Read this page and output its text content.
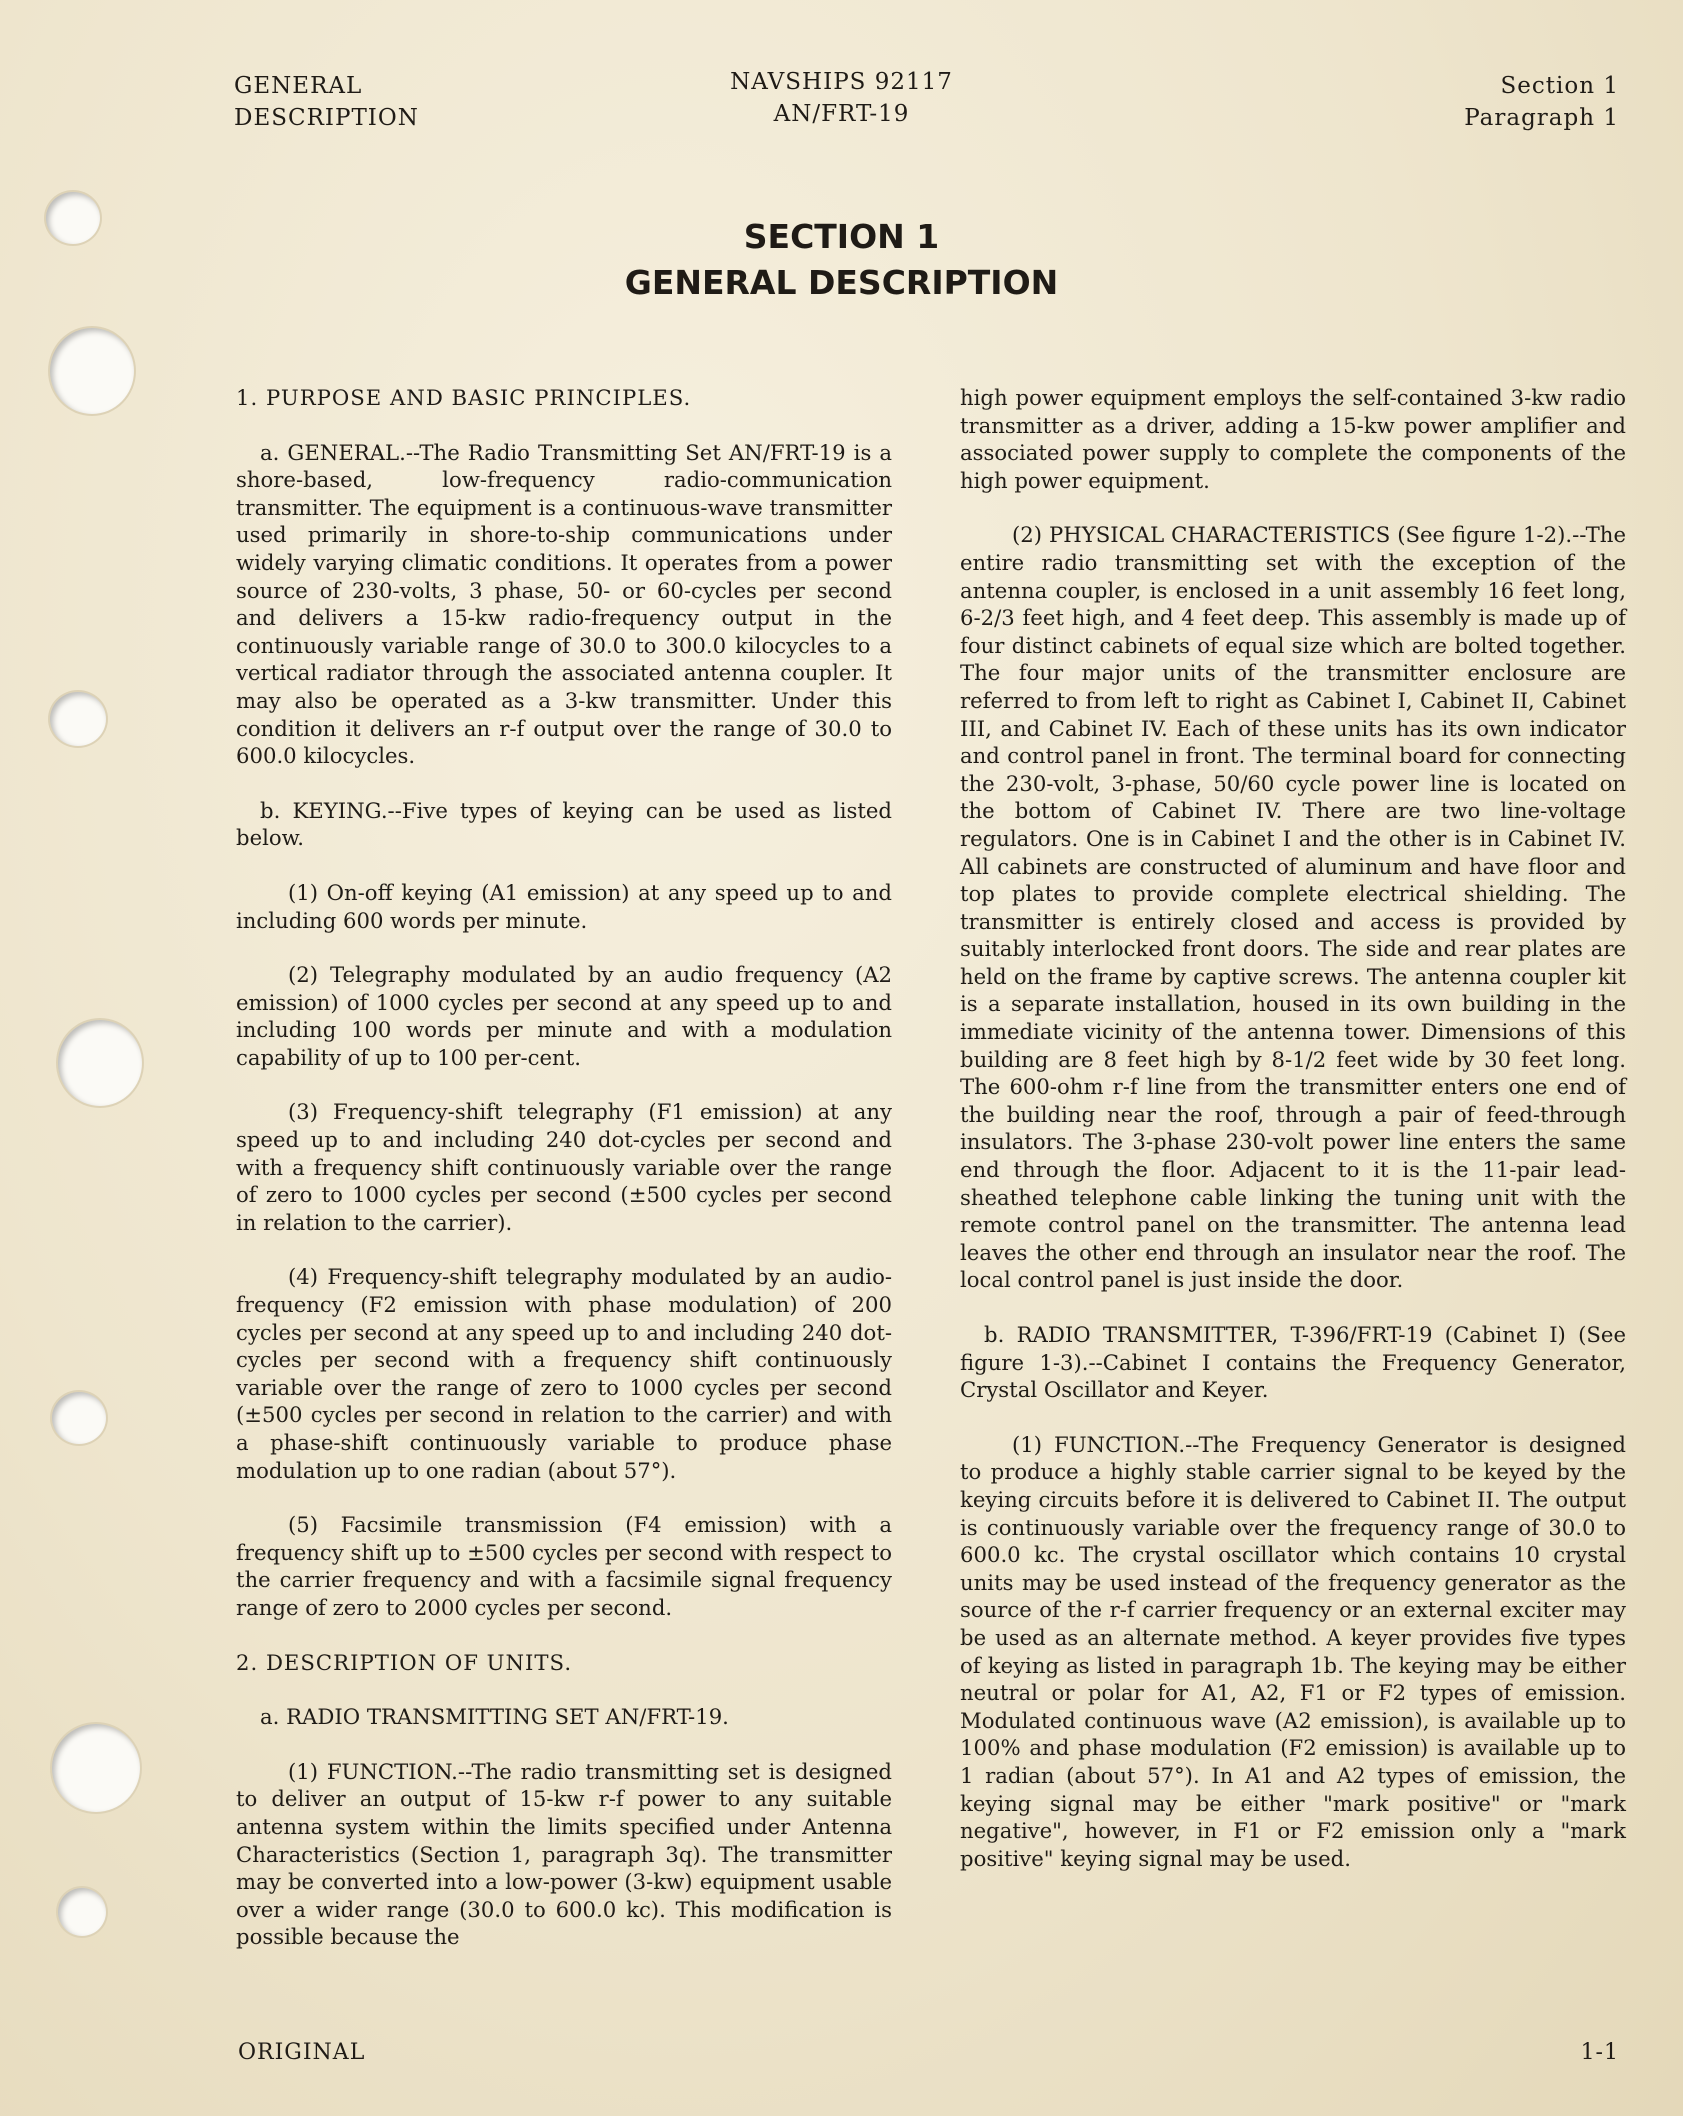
GENERAL
DESCRIPTION
NAVSHIPS 92117
AN/FRT-19
Section 1
Paragraph 1
SECTION 1
GENERAL DESCRIPTION

1. PURPOSE AND BASIC PRINCIPLES.

a. GENERAL.--The Radio Transmitting Set AN/FRT-19 is a shore-based, low-frequency radio-communication transmitter. The equipment is a continuous-wave transmitter used primarily in shore-to-ship communications under widely varying climatic conditions. It operates from a power source of 230-volts, 3 phase, 50- or 60-cycles per second and delivers a 15-kw radio-frequency output in the continuously variable range of 30.0 to 300.0 kilocycles to a vertical radiator through the associated antenna coupler. It may also be operated as a 3-kw transmitter. Under this condition it delivers an r-f output over the range of 30.0 to 600.0 kilocycles.

b. KEYING.--Five types of keying can be used as listed below.

(1) On-off keying (A1 emission) at any speed up to and including 600 words per minute.

(2) Telegraphy modulated by an audio frequency (A2 emission) of 1000 cycles per second at any speed up to and including 100 words per minute and with a modulation capability of up to 100 per-cent.

(3) Frequency-shift telegraphy (F1 emission) at any speed up to and including 240 dot-cycles per second and with a frequency shift continuously variable over the range of zero to 1000 cycles per second (±500 cycles per second in relation to the carrier).

(4) Frequency-shift telegraphy modulated by an audio-frequency (F2 emission with phase modulation) of 200 cycles per second at any speed up to and including 240 dot-cycles per second with a frequency shift continuously variable over the range of zero to 1000 cycles per second (±500 cycles per second in relation to the carrier) and with a phase-shift continuously variable to produce phase modulation up to one radian (about 57°).

(5) Facsimile transmission (F4 emission) with a frequency shift up to ±500 cycles per second with respect to the carrier frequency and with a facsimile signal frequency range of zero to 2000 cycles per second.

2. DESCRIPTION OF UNITS.

a. RADIO TRANSMITTING SET AN/FRT-19.

(1) FUNCTION.--The radio transmitting set is designed to deliver an output of 15-kw r-f power to any suitable antenna system within the limits specified under Antenna Characteristics (Section 1, paragraph 3q). The transmitter may be converted into a low-power (3-kw) equipment usable over a wider range (30.0 to 600.0 kc). This modification is possible because the

high power equipment employs the self-contained 3-kw radio transmitter as a driver, adding a 15-kw power amplifier and associated power supply to complete the components of the high power equipment.

(2) PHYSICAL CHARACTERISTICS (See figure 1-2).--The entire radio transmitting set with the exception of the antenna coupler, is enclosed in a unit assembly 16 feet long, 6-2/3 feet high, and 4 feet deep. This assembly is made up of four distinct cabinets of equal size which are bolted together. The four major units of the transmitter enclosure are referred to from left to right as Cabinet I, Cabinet II, Cabinet III, and Cabinet IV. Each of these units has its own indicator and control panel in front. The terminal board for connecting the 230-volt, 3-phase, 50/60 cycle power line is located on the bottom of Cabinet IV. There are two line-voltage regulators. One is in Cabinet I and the other is in Cabinet IV. All cabinets are constructed of aluminum and have floor and top plates to provide complete electrical shielding. The transmitter is entirely closed and access is provided by suitably interlocked front doors. The side and rear plates are held on the frame by captive screws. The antenna coupler kit is a separate installation, housed in its own building in the immediate vicinity of the antenna tower. Dimensions of this building are 8 feet high by 8-1/2 feet wide by 30 feet long. The 600-ohm r-f line from the transmitter enters one end of the building near the roof, through a pair of feed-through insulators. The 3-phase 230-volt power line enters the same end through the floor. Adjacent to it is the 11-pair lead-sheathed telephone cable linking the tuning unit with the remote control panel on the transmitter. The antenna lead leaves the other end through an insulator near the roof. The local control panel is just inside the door.

b. RADIO TRANSMITTER, T-396/FRT-19 (Cabinet I) (See figure 1-3).--Cabinet I contains the Frequency Generator, Crystal Oscillator and Keyer.

(1) FUNCTION.--The Frequency Generator is designed to produce a highly stable carrier signal to be keyed by the keying circuits before it is delivered to Cabinet II. The output is continuously variable over the frequency range of 30.0 to 600.0 kc. The crystal oscillator which contains 10 crystal units may be used instead of the frequency generator as the source of the r-f carrier frequency or an external exciter may be used as an alternate method. A keyer provides five types of keying as listed in paragraph 1b. The keying may be either neutral or polar for A1, A2, F1 or F2 types of emission. Modulated continuous wave (A2 emission), is available up to 100% and phase modulation (F2 emission) is available up to 1 radian (about 57°). In A1 and A2 types of emission, the keying signal may be either "mark positive" or "mark negative", however, in F1 or F2 emission only a "mark positive" keying signal may be used.

ORIGINAL	1-1
